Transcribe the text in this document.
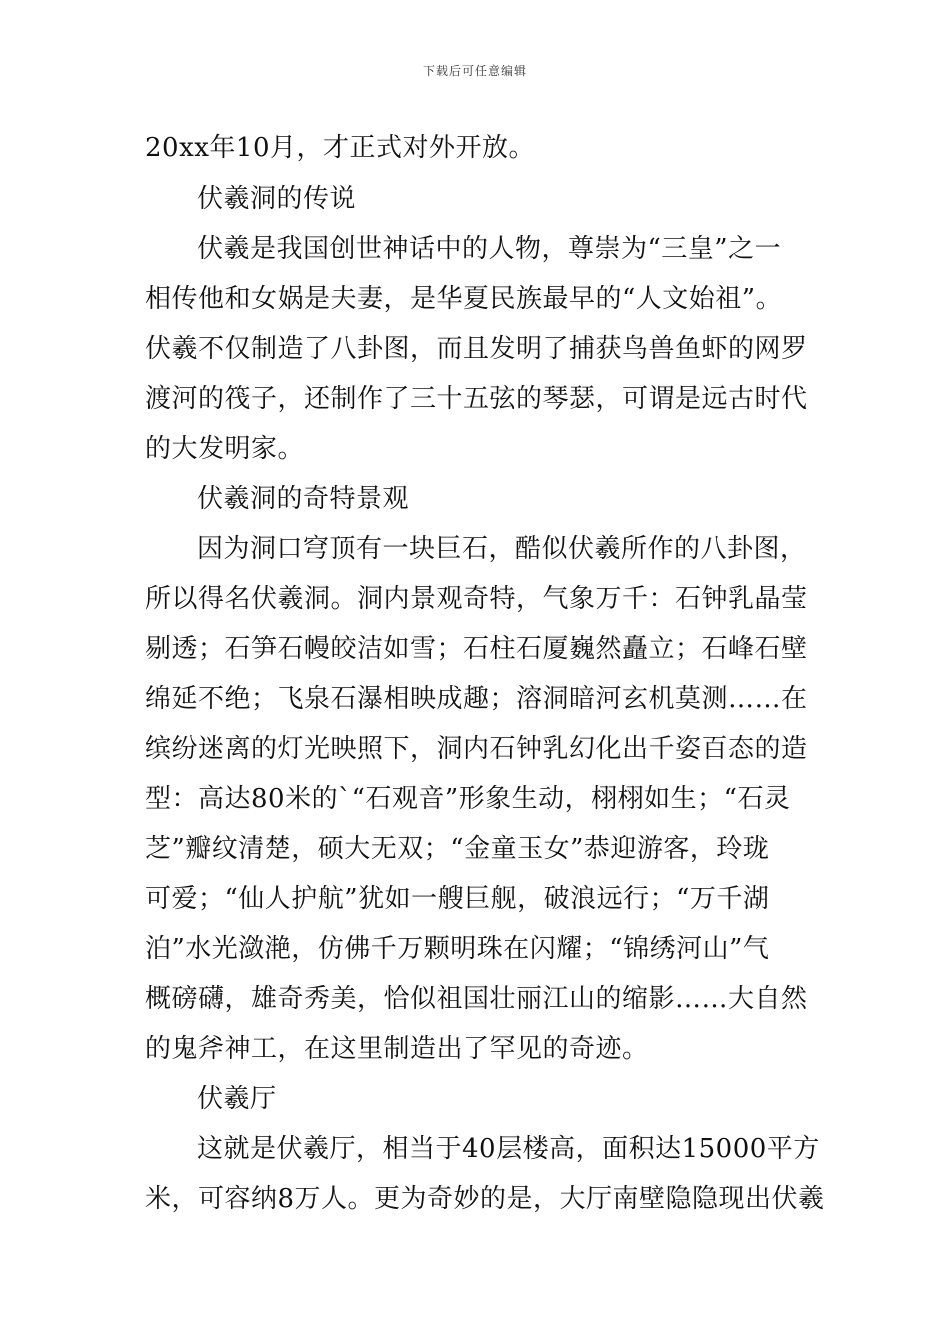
下载后可任意编辑
20xx年10月，才正式对外开放。
伏羲洞的传说
伏羲是我国创世神话中的人物，尊崇为“三皇”之一
相传他和女娲是夫妻，是华夏民族最早的“人文始祖”。
伏羲不仅制造了八卦图，而且发明了捕获鸟兽鱼虾的网罗
渡河的筏子，还制作了三十五弦的琴瑟，可谓是远古时代
的大发明家。
伏羲洞的奇特景观
因为洞口穹顶有一块巨石，酷似伏羲所作的八卦图，
所以得名伏羲洞。洞内景观奇特，气象万千：石钟乳晶莹
剔透；石笋石幔皎洁如雪；石柱石厦巍然矗立；石峰石壁
绵延不绝；飞泉石瀑相映成趣；溶洞暗河玄机莫测……在
缤纷迷离的灯光映照下，洞内石钟乳幻化出千姿百态的造
型：高达80米的`“石观音”形象生动，栩栩如生；“石灵
芝”瓣纹清楚，硕大无双；“金童玉女”恭迎游客，玲珑
可爱；“仙人护航”犹如一艘巨舰，破浪远行；“万千湖
泊”水光潋滟，仿佛千万颗明珠在闪耀；“锦绣河山”气
概磅礴，雄奇秀美，恰似祖国壮丽江山的缩影……大自然
的鬼斧神工，在这里制造出了罕见的奇迹。
伏羲厅
这就是伏羲厅，相当于40层楼高，面积达15000平方
米，可容纳8万人。更为奇妙的是，大厅南壁隐隐现出伏羲
